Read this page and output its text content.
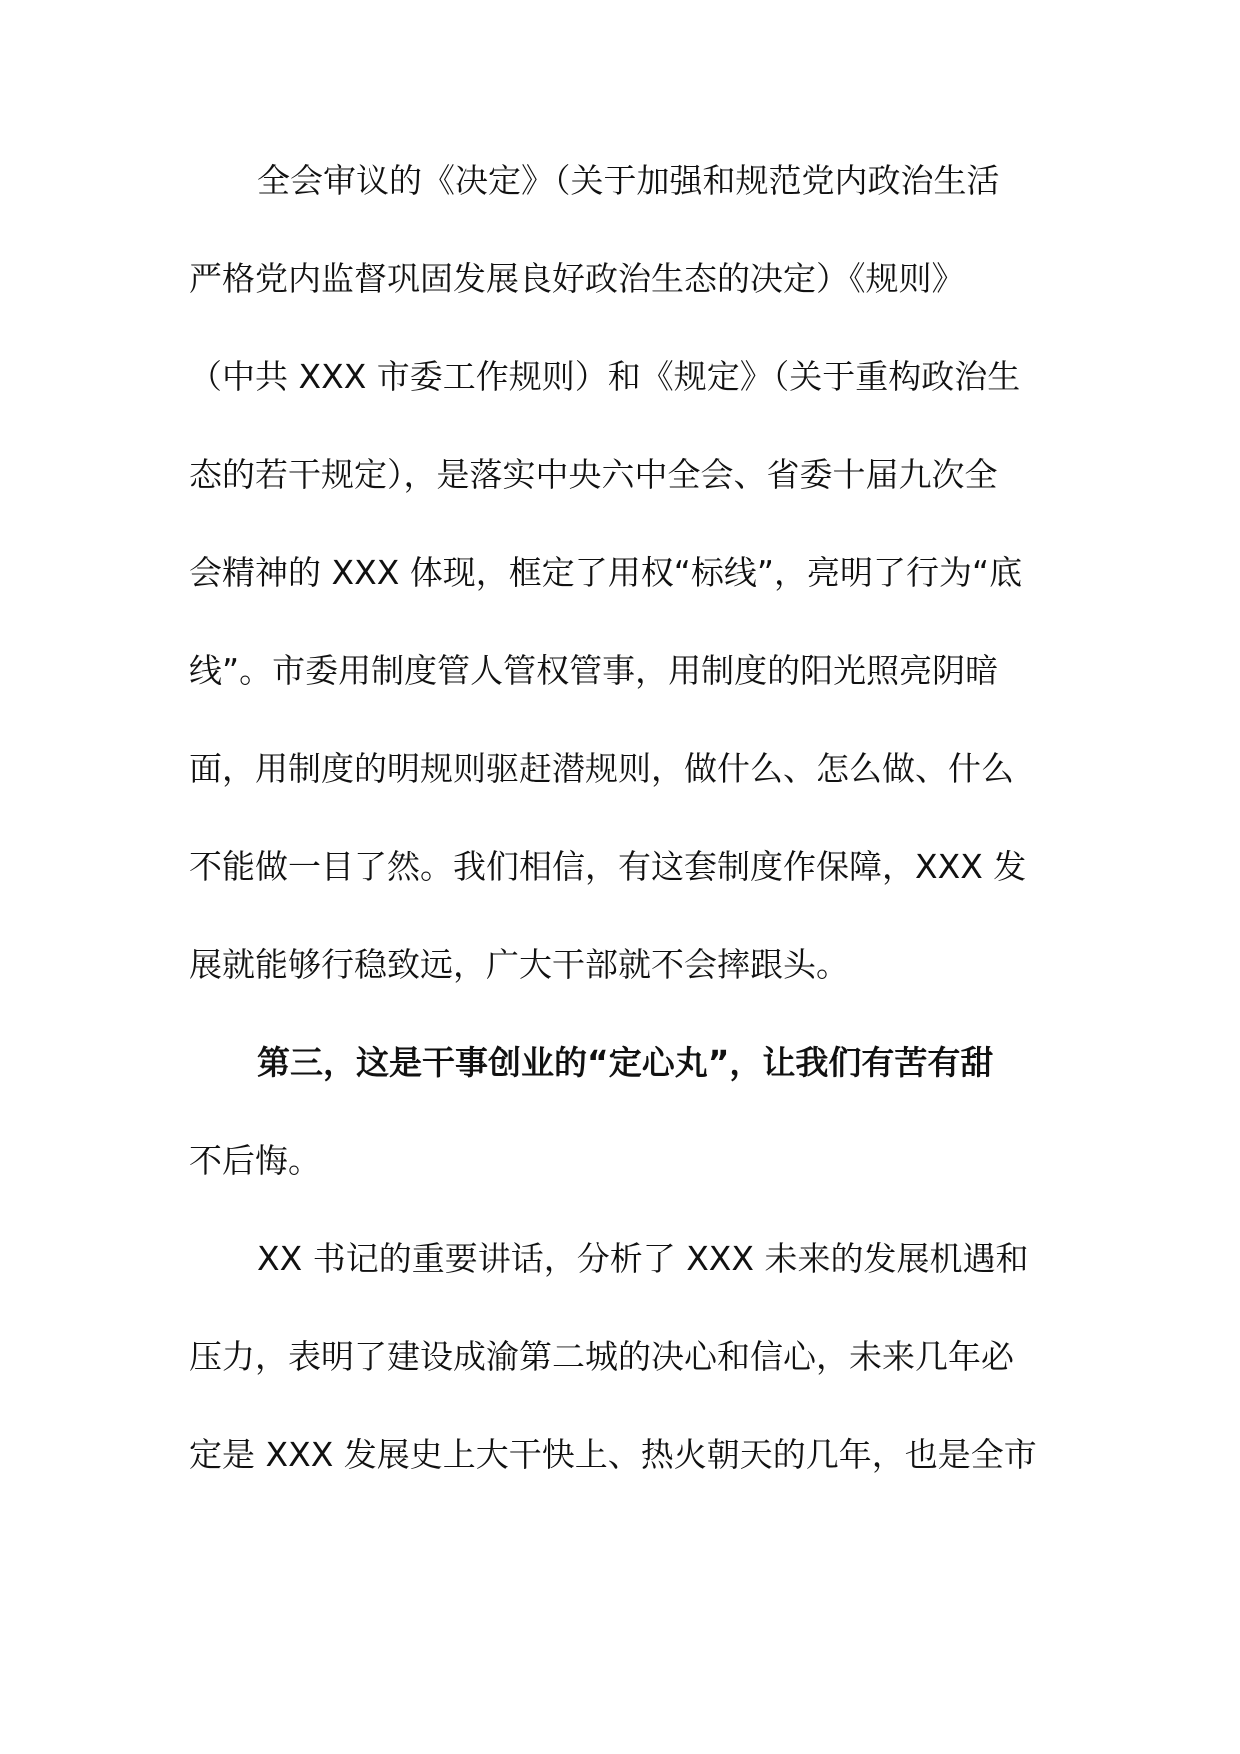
全会审议的《决定》（关于加强和规范党内政治生活
严格党内监督巩固发展良好政治生态的决定）《规则》
（中共 XXX 市委工作规则）和《规定》（关于重构政治生
态的若干规定），是落实中央六中全会、省委十届九次全
会精神的 XXX 体现，框定了用权“标线”，亮明了行为“底
线”。市委用制度管人管权管事，用制度的阳光照亮阴暗
面，用制度的明规则驱赶潜规则，做什么、怎么做、什么
不能做一目了然。我们相信，有这套制度作保障，XXX 发
展就能够行稳致远，广大干部就不会摔跟头。
第三，这是干事创业的“定心丸”，让我们有苦有甜
不后悔。
XX 书记的重要讲话，分析了 XXX 未来的发展机遇和
压力，表明了建设成渝第二城的决心和信心，未来几年必
定是 XXX 发展史上大干快上、热火朝天的几年，也是全市
